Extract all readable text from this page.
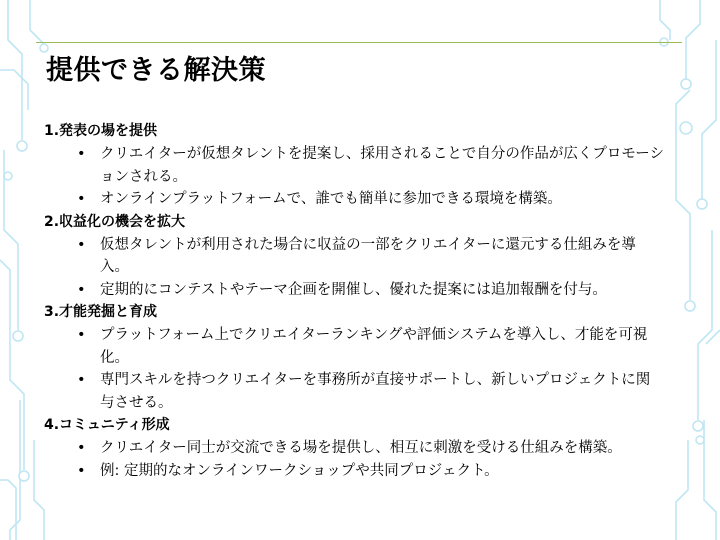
提供できる解決策
1.発表の場を提供
• クリエイターが仮想タレントを提案し、採用されることで自分の作品が広くプロモーションされる。
• オンラインプラットフォームで、誰でも簡単に参加できる環境を構築。
2.収益化の機会を拡大
• 仮想タレントが利用された場合に収益の一部をクリエイターに還元する仕組みを導入。
• 定期的にコンテストやテーマ企画を開催し、優れた提案には追加報酬を付与。
3.才能発掘と育成
• プラットフォーム上でクリエイターランキングや評価システムを導入し、才能を可視化。
• 専門スキルを持つクリエイターを事務所が直接サポートし、新しいプロジェクトに関与させる。
4.コミュニティ形成
• クリエイター同士が交流できる場を提供し、相互に刺激を受ける仕組みを構築。
• 例: 定期的なオンラインワークショップや共同プロジェクト。
